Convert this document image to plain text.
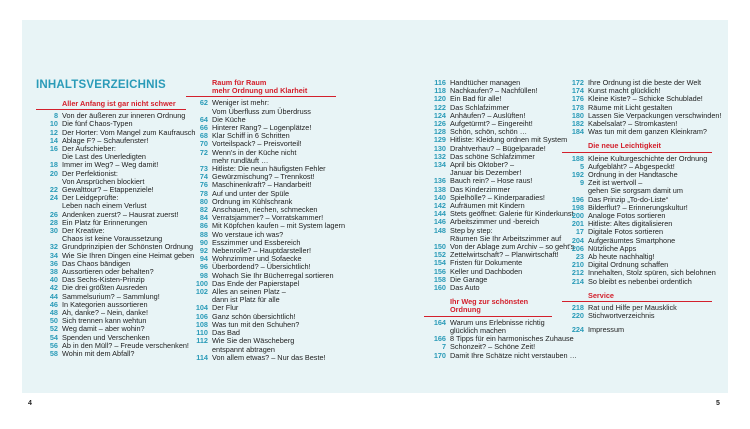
INHALTSVERZEICHNIS
Aller Anfang ist gar nicht schwer
8 Von der äußeren zur inneren Ordnung
10 Die fünf Chaos-Typen
12 Der Horter: Vom Mangel zum Kaufrausch
14 Ablage F? – Schaufenster!
16 Der Aufschieber:
Die Last des Unerledigten
18 Immer im Weg? – Weg damit!
20 Der Perfektionist:
Von Ansprüchen blockiert
22 Gewalttour? – Etappenziele!
24 Der Leidgeprüfte:
Leben nach einem Verlust
26 Andenken zuerst? – Hausrat zuerst!
28 Ein Platz für Erinnerungen
30 Der Kreative:
Chaos ist keine Voraussetzung
32 Grundprinzipien der Schönsten Ordnung
34 Wie Sie Ihren Dingen eine Heimat geben
36 Das Chaos bändigen
38 Aussortieren oder behalten?
40 Das Sechs-Kisten-Prinzip
42 Die drei größten Ausreden
44 Sammelsurium? – Sammlung!
46 In Kategorien aussortieren
48 Ah, danke? – Nein, danke!
50 Sich trennen kann wehtun
52 Weg damit – aber wohin?
54 Spenden und Verschenken
56 Ab in den Müll? – Freude verschenken!
58 Wohin mit dem Abfall?
Raum für Raum
mehr Ordnung und Klarheit
62 Weniger ist mehr:
Vom Überfluss zum Überdruss
64 Die Küche
66 Hinterer Rang? – Logenplätze!
68 Klar Schiff in 6 Schritten
70 Vorteilspack? – Preisvorteil!
72 Wenn's in der Küche nicht
mehr rundläuft …
73 Hitliste: Die neun häufigsten Fehler
74 Gewürzmischung? – Trennkost!
76 Maschinenkraft? – Handarbeit!
78 Auf und unter der Spüle
80 Ordnung im Kühlschrank
82 Anschauen, riechen, schmecken
84 Verratsjammer? – Vorratskammer!
86 Mit Köpfchen kaufen – mit System lagern
88 Wo verstaue ich was?
90 Esszimmer und Essbereich
92 Nebenrolle? – Hauptdarsteller!
94 Wohnzimmer und Sofaecke
96 Überbordend? – Übersichtlich!
98 Wohach Sie Ihr Bücherregal sortieren
100 Das Ende der Papierstapel
102 Alles an seinen Platz –
dann ist Platz für alle
104 Der Flur
106 Ganz schön übersichtlich!
108 Was tun mit den Schuhen?
110 Das Bad
112 Wie Sie den Wäscheberg
entspannt abtragen
114 Von allem etwas? – Nur das Beste!
116 Handtücher managen
118 Nachkaufen? – Nachfüllen!
120 Ein Bad für alle!
122 Das Schlafzimmer
124 Anhäufen? – Auslüften!
126 Aufgetürmt? – Eingereiht!
128 Schön, schön, schön …
129 Hitliste: Kleidung ordnen mit System
130 Drahtverhau? – Bügelparade!
132 Das schöne Schlafzimmer
134 April bis Oktober? –
Januar bis Dezember!
136 Bauch rein? – Hose raus!
138 Das Kinderzimmer
140 Spielhölle? – Kinderparadies!
142 Aufräumen mit Kindern
144 Stets geöffnet: Galerie für Kinderkunst
146 Arbeitszimmer und -bereich
148 Step by step:
Räumen Sie Ihr Arbeitszimmer auf
150 Von der Ablage zum Archiv – so geht's
152 Zettelwirtschaft? – Planwirtschaft!
154 Fristen für Dokumente
156 Keller und Dachboden
158 Die Garage
160 Das Auto
Ihr Weg zur schönsten Ordnung
164 Warum uns Erlebnisse richtig
glücklich machen
166 8 Tipps für ein harmonisches Zuhause
7 Schonzeit? – Schöne Zeit!
170 Damit Ihre Schätze nicht verstauben …
172 Ihre Ordnung ist die beste der Welt
174 Kunst macht glücklich!
176 Kleine Kiste? – Schicke Schublade!
178 Räume mit Licht gestalten
180 Lassen Sie Verpackungen verschwinden!
182 Kabelsalat? – Stromkasten!
184 Was tun mit dem ganzen Kleinkram?
Die neue Leichtigkeit
188 Kleine Kulturgeschichte der Ordnung
5 Aufgebläht? – Abgespeckt!
192 Ordnung in der Handtasche
9 Zeit ist wertvoll –
gehen Sie sorgsam damit um
196 Das Prinzip „To-do-Liste“
198 Bilderflut? – Erinnerungskultur!
200 Analoge Fotos sortieren
201 Hitliste: Altes digitalisieren
17 Digitale Fotos sortieren
204 Aufgeräumtes Smartphone
206 Nützliche Apps
23 Ab heute nachhaltig!
210 Digital Ordnung schaffen
212 Innehalten, Stolz spüren, sich belohnen
214 So bleibt es nebenbei ordentlich
Service
218 Rat und Hilfe per Mausklick
220 Stichwortverzeichnis
224 Impressum
4	5
